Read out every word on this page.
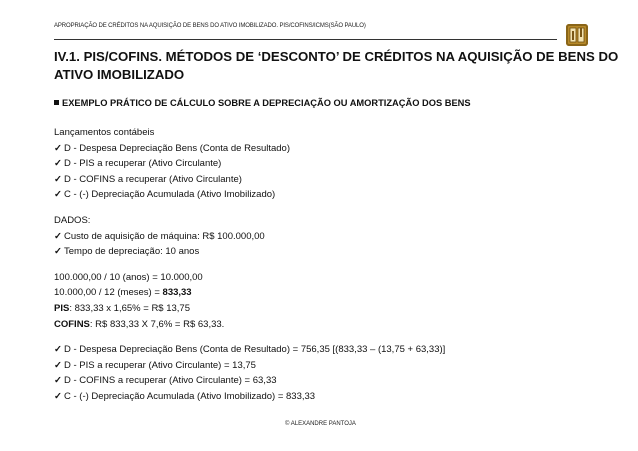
APROPRIAÇÃO DE CRÉDITOS NA AQUISIÇÃO DE BENS DO ATIVO IMOBILIZADO. PIS/COFINS/ICMS(SÃO PAULO)
IV.1. PIS/COFINS. MÉTODOS DE ‘DESCONTO’ DE CRÉDITOS NA AQUISIÇÃO DE BENS DO
ATIVO IMOBILIZADO
EXEMPLO PRÁTICO DE CÁLCULO SOBRE A DEPRECIAÇÃO OU AMORTIZAÇÃO DOS BENS
Lançamentos contábeis
✓ D - Despesa Depreciação Bens (Conta de Resultado)
✓ D - PIS a recuperar (Ativo Circulante)
✓ D - COFINS a recuperar (Ativo Circulante)
✓ C - (-) Depreciação Acumulada (Ativo Imobilizado)
DADOS:
✓ Custo de aquisição de máquina: R$ 100.000,00
✓ Tempo de depreciação: 10 anos
100.000,00 / 10 (anos) = 10.000,00
10.000,00 / 12 (meses) = 833,33
PIS: 833,33 x 1,65% = R$ 13,75
COFINS: R$ 833,33 X 7,6% = R$ 63,33.
✓ D - Despesa Depreciação Bens (Conta de Resultado) = 756,35 [(833,33 – (13,75 + 63,33)]
✓ D - PIS a recuperar (Ativo Circulante) = 13,75
✓ D - COFINS a recuperar (Ativo Circulante) = 63,33
✓ C - (-) Depreciação Acumulada (Ativo Imobilizado) = 833,33
© ALEXANDRE PANTOJA
